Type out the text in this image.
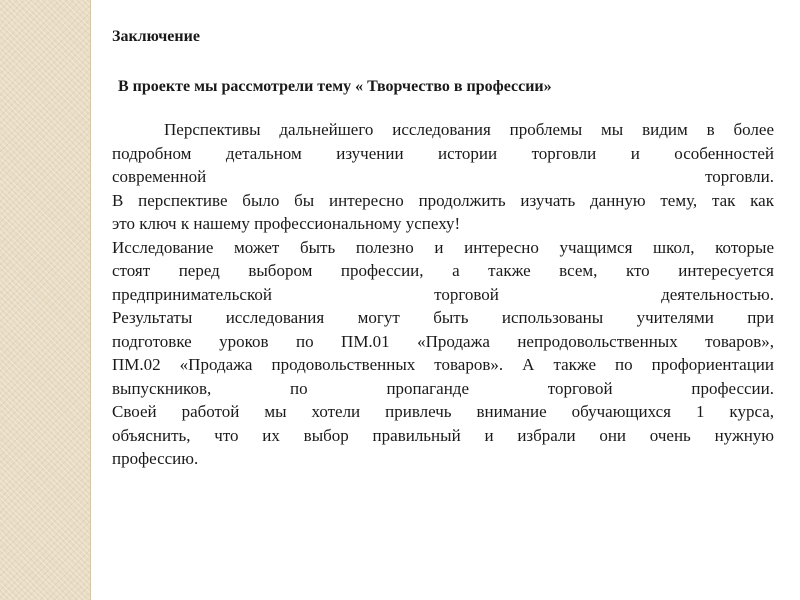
Заключение

В проекте мы рассмотрели тему « Творчество в профессии»

Перспективы дальнейшего исследования проблемы мы видим в более

подробном детальном изучении истории торговли и особенностей

современной торговли.

В перспективе было бы интересно продолжить изучать данную тему, так как

это ключ к нашему профессиональному успеху!

Исследование может быть полезно и интересно учащимся школ, которые

стоят перед выбором профессии, а также всем, кто интересуется

предпринимательской торговой деятельностью.

Результаты исследования могут быть использованы учителями при

подготовке уроков по ПМ.01 «Продажа непродовольственных товаров»,

ПМ.02 «Продажа продовольственных товаров». А также по профориентации

выпускников, по пропаганде торговой профессии.

Своей работой мы хотели привлечь внимание обучающихся 1 курса,

объяснить, что их выбор правильный и избрали они очень нужную

профессию.
